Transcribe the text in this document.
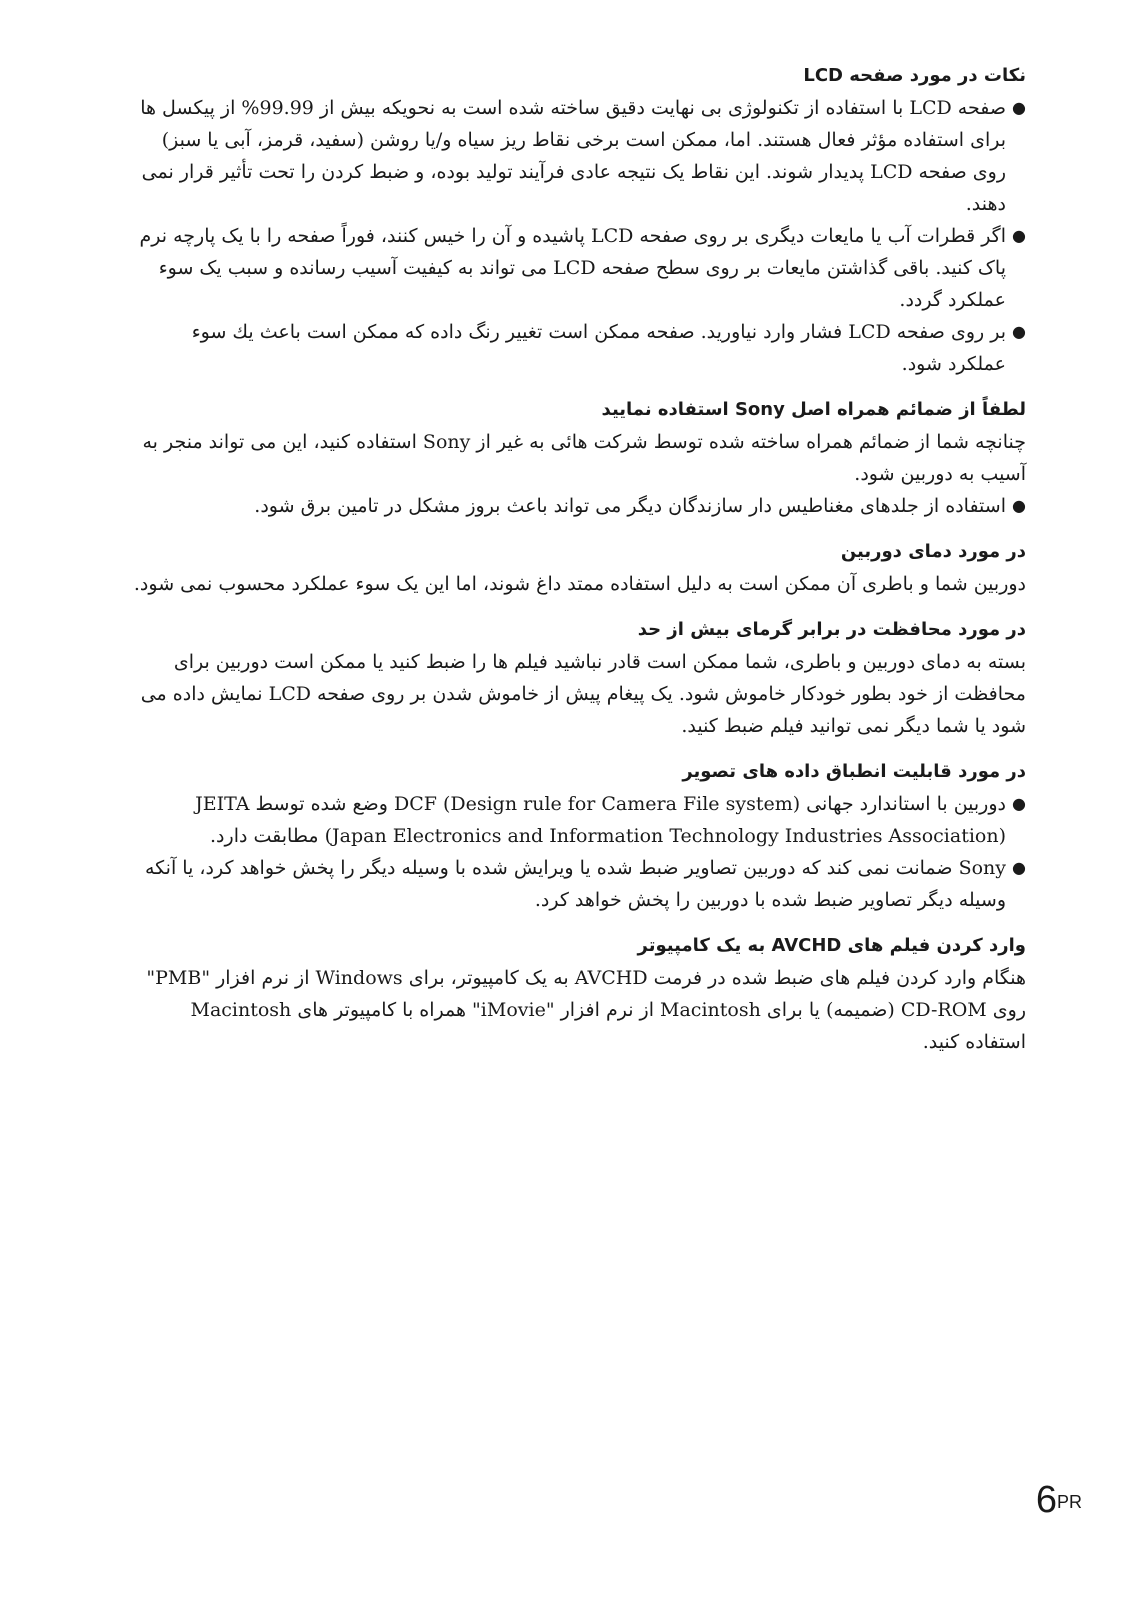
نکات در مورد صفحه LCD
●
صفحه LCD با استفاده از تکنولوژی بی نهایت دقیق ساخته شده است به نحویکه بیش از 99.99% از پیکسل ها برای استفاده مؤثر فعال هستند. اما، ممکن است برخی نقاط ریز سیاه و/یا روشن (سفید، قرمز، آبی یا سبز) روی صفحه LCD پدیدار شوند. این نقاط یک نتیجه عادی فرآیند تولید بوده، و ضبط کردن را تحت تأثیر قرار نمی دهند.
●
اگر قطرات آب یا مایعات دیگری بر روی صفحه LCD پاشیده و آن را خیس کنند، فوراً صفحه را با یک پارچه نرم پاک کنید. باقی گذاشتن مایعات بر روی سطح صفحه LCD می تواند به کیفیت آسیب رسانده و سبب یک سوء عملکرد گردد.
●
بر روی صفحه LCD فشار وارد نیاورید. صفحه ممکن است تغییر رنگ داده که ممکن است باعث يك سوء عملکرد شود.
لطفاً از ضمائم همراه اصل Sony استفاده نمایید

چنانچه شما از ضمائم همراه ساخته شده توسط شرکت هائی به غیر از Sony استفاده کنید، این می تواند منجر به آسیب به دوربین شود.

●
استفاده از جلدهای مغناطیس دار سازندگان دیگر می تواند باعث بروز مشکل در تامین برق شود.
در مورد دمای دوربین

دوربین شما و باطری آن ممکن است به دلیل استفاده ممتد داغ شوند، اما این یک سوء عملکرد محسوب نمی شود.

در مورد محافظت در برابر گرمای بیش از حد

بسته به دمای دوربین و باطری، شما ممکن است قادر نباشید فیلم ها را ضبط کنید یا ممکن است دوربین برای محافظت از خود بطور خودکار خاموش شود. یک پیغام پیش از خاموش شدن بر روی صفحه LCD نمایش داده می شود یا شما دیگر نمی توانید فیلم ضبط کنید.

در مورد قابلیت انطباق داده های تصویر
●
دوربین با استاندارد جهانی DCF (Design rule for Camera File system) وضع شده توسط JEITA (Japan Electronics and Information Technology Industries Association) مطابقت دارد.
●
Sony ضمانت نمی کند که دوربین تصاویر ضبط شده یا ویرایش شده با وسیله دیگر را پخش خواهد کرد، یا آنکه وسیله دیگر تصاویر ضبط شده با دوربین را پخش خواهد کرد.
وارد کردن فیلم های AVCHD به یک کامپیوتر

هنگام وارد کردن فیلم های ضبط شده در فرمت AVCHD به یک کامپیوتر، برای Windows از نرم افزار "PMB" روی CD-ROM (ضمیمه) یا برای Macintosh از نرم افزار "iMovie" همراه با کامپیوتر های Macintosh استفاده کنید.

$6^{PR}$
